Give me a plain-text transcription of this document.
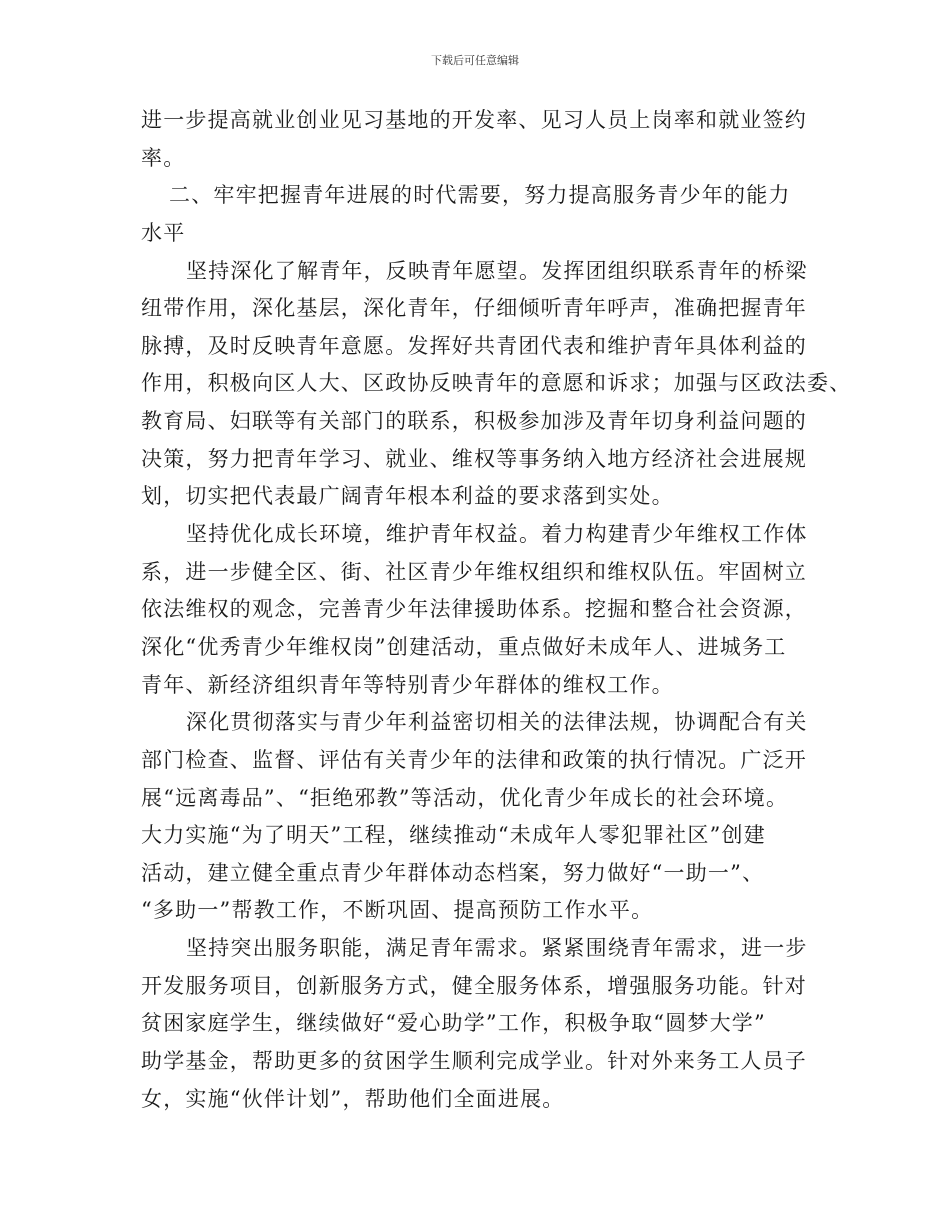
下载后可任意编辑
进一步提高就业创业见习基地的开发率、见习人员上岗率和就业签约
率。
二、牢牢把握青年进展的时代需要，努力提高服务青少年的能力
水平
坚持深化了解青年，反映青年愿望。发挥团组织联系青年的桥梁
纽带作用，深化基层，深化青年，仔细倾听青年呼声，准确把握青年
脉搏，及时反映青年意愿。发挥好共青团代表和维护青年具体利益的
作用，积极向区人大、区政协反映青年的意愿和诉求；加强与区政法委、
教育局、妇联等有关部门的联系，积极参加涉及青年切身利益问题的
决策，努力把青年学习、就业、维权等事务纳入地方经济社会进展规
划，切实把代表最广阔青年根本利益的要求落到实处。
坚持优化成长环境，维护青年权益。着力构建青少年维权工作体
系，进一步健全区、街、社区青少年维权组织和维权队伍。牢固树立
依法维权的观念，完善青少年法律援助体系。挖掘和整合社会资源，
深化“优秀青少年维权岗”创建活动，重点做好未成年人、进城务工
青年、新经济组织青年等特别青少年群体的维权工作。
深化贯彻落实与青少年利益密切相关的法律法规，协调配合有关
部门检查、监督、评估有关青少年的法律和政策的执行情况。广泛开
展“远离毒品”、“拒绝邪教”等活动，优化青少年成长的社会环境。
大力实施“为了明天”工程，继续推动“未成年人零犯罪社区”创建
活动，建立健全重点青少年群体动态档案，努力做好“一助一”、
“多助一”帮教工作，不断巩固、提高预防工作水平。
坚持突出服务职能，满足青年需求。紧紧围绕青年需求，进一步
开发服务项目，创新服务方式，健全服务体系，增强服务功能。针对
贫困家庭学生，继续做好“爱心助学”工作，积极争取“圆梦大学”
助学基金，帮助更多的贫困学生顺利完成学业。针对外来务工人员子
女，实施“伙伴计划”，帮助他们全面进展。
